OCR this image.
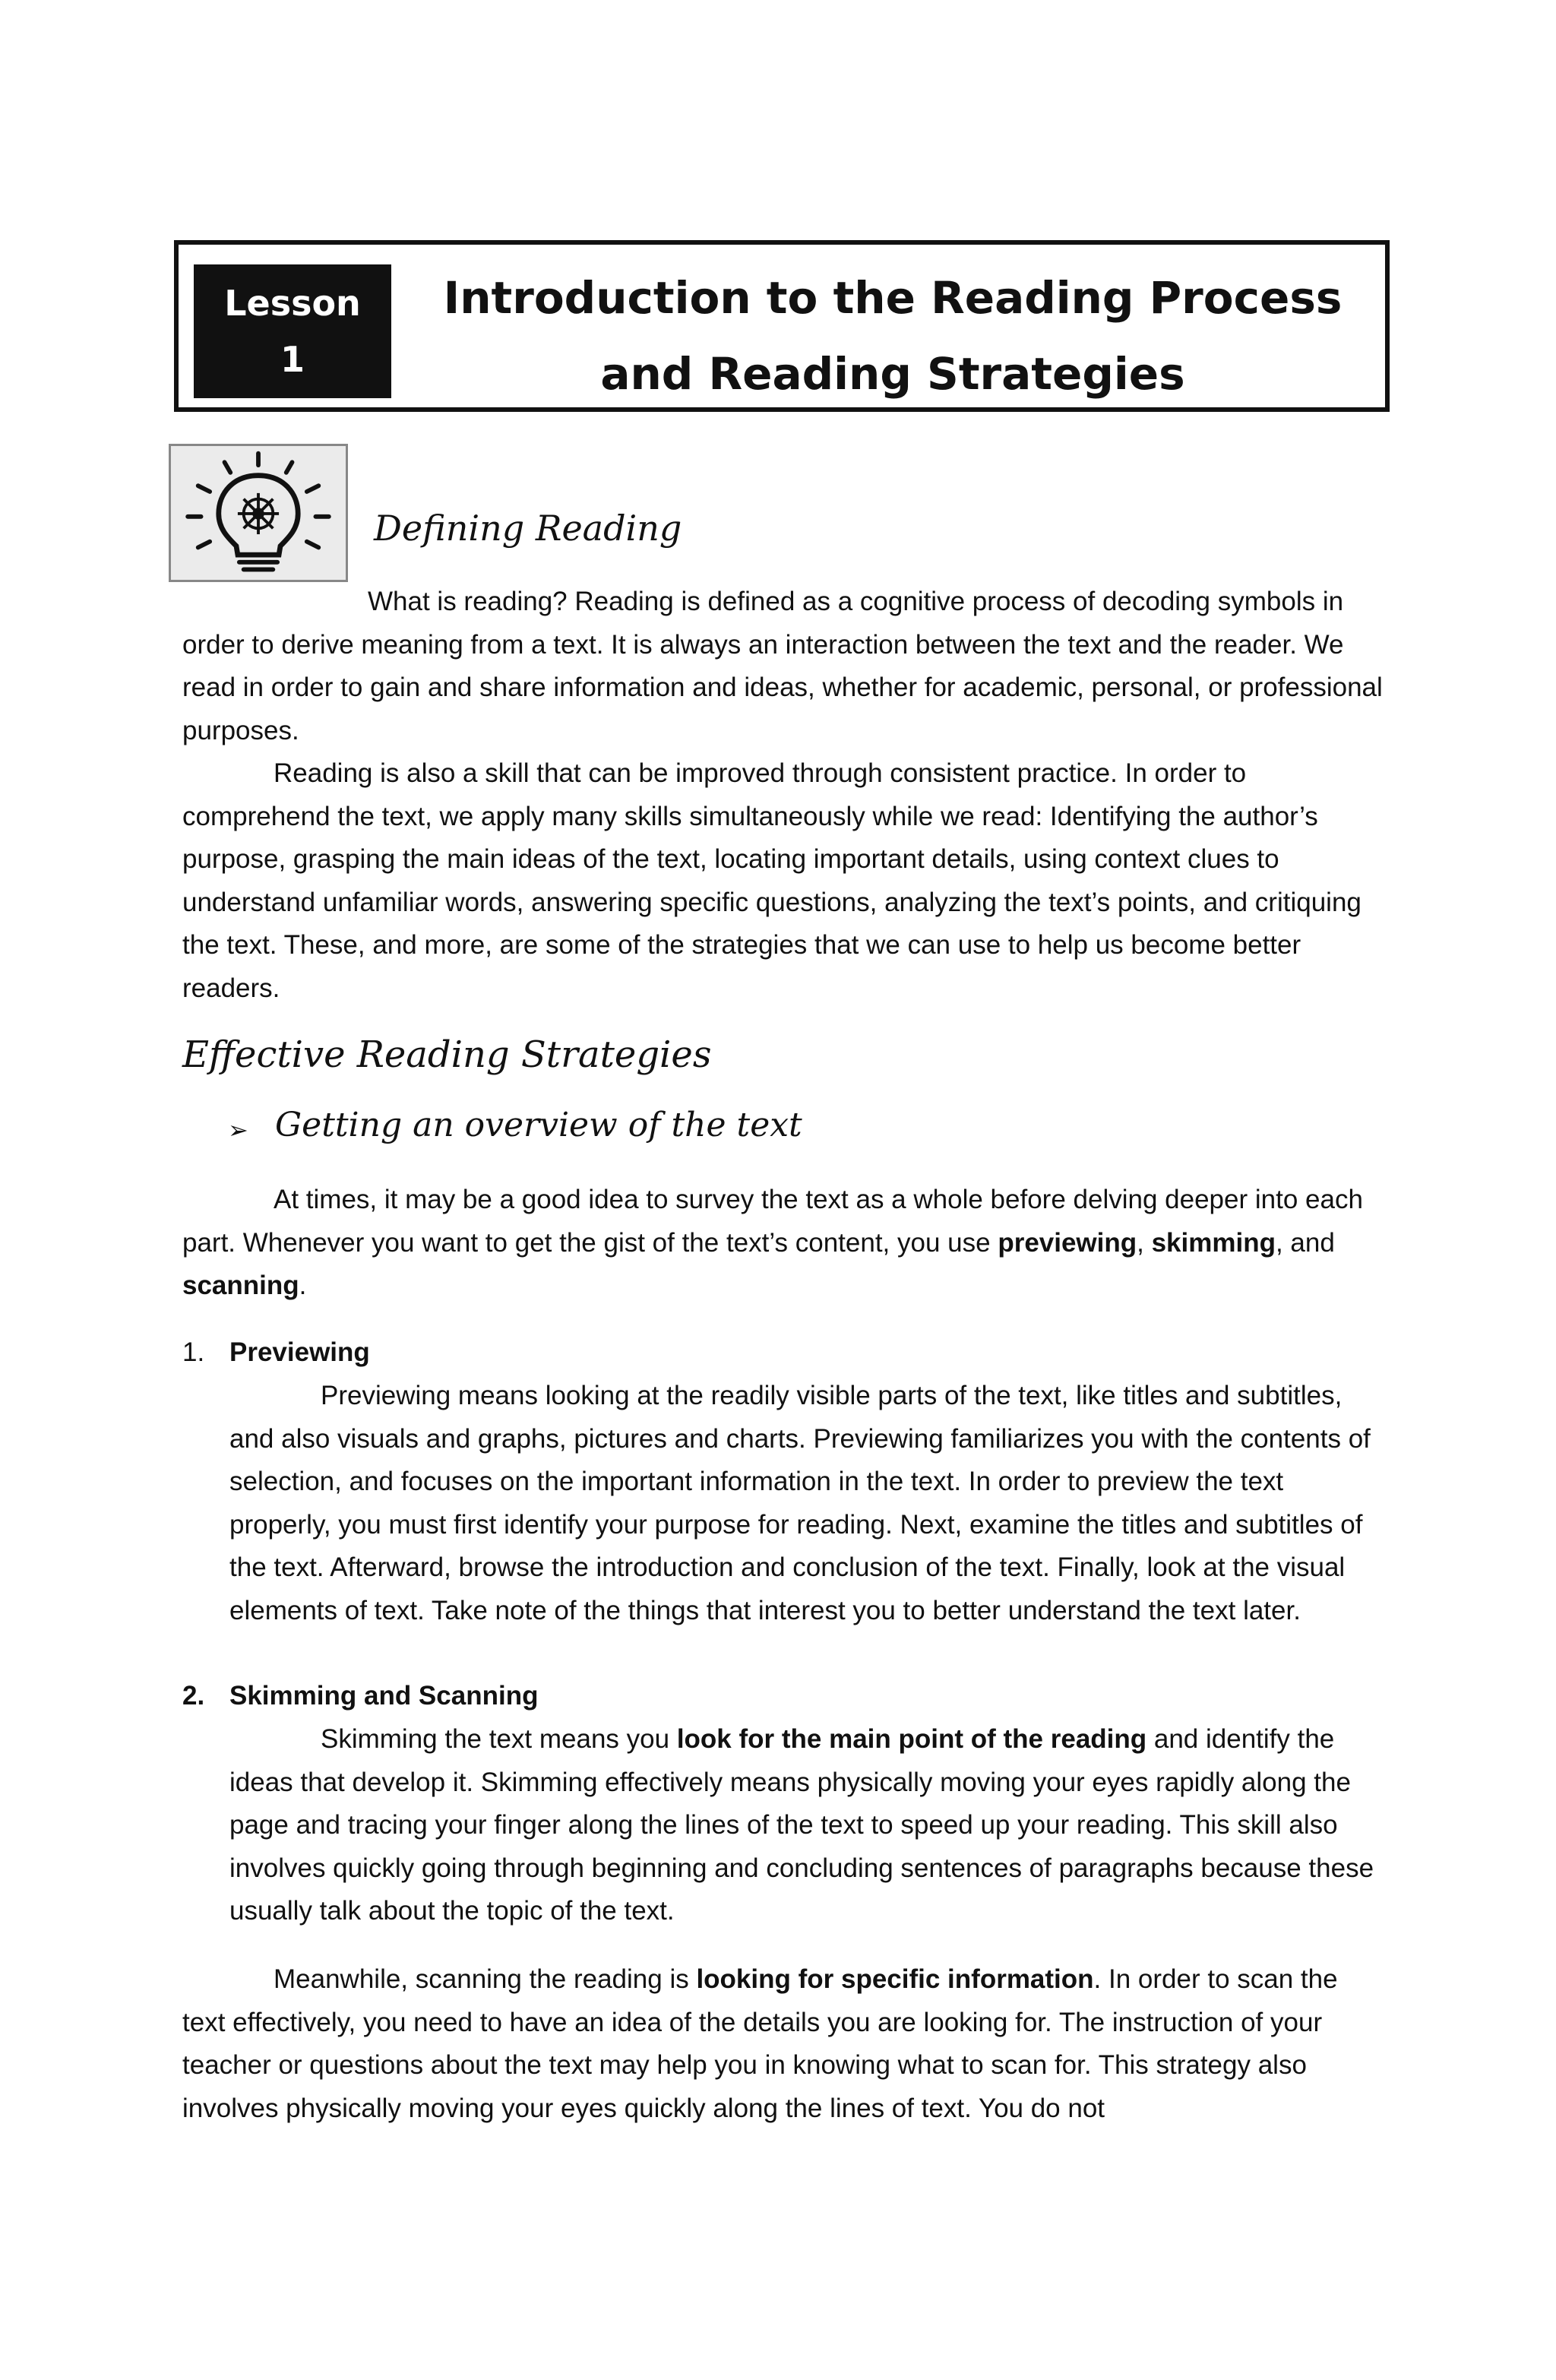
Lesson
1
Introduction to the Reading Process
and Reading Strategies
Defining Reading

What is reading? Reading is defined as a cognitive process of decoding symbols in order to derive meaning from a text. It is always an interaction between the text and the reader. We read in order to gain and share information and ideas, whether for academic, personal, or professional purposes.

Reading is also a skill that can be improved through consistent practice. In order to comprehend the text, we apply many skills simultaneously while we read: Identifying the author’s purpose, grasping the main ideas of the text, locating important details, using context clues to understand unfamiliar words, answering specific questions, analyzing the text’s points, and critiquing the text. These, and more, are some of the strategies that we can use to help us become better readers.

Effective Reading Strategies
➢ Getting an overview of the text

At times, it may be a good idea to survey the text as a whole before delving deeper into each part. Whenever you want to get the gist of the text’s content, you use previewing, skimming, and scanning.

1. Previewing

Previewing means looking at the readily visible parts of the text, like titles and subtitles, and also visuals and graphs, pictures and charts. Previewing familiarizes you with the contents of selection, and focuses on the important information in the text. In order to preview the text properly, you must first identify your purpose for reading. Next, examine the titles and subtitles of the text. Afterward, browse the introduction and conclusion of the text. Finally, look at the visual elements of text. Take note of the things that interest you to better understand the text later.

2. Skimming and Scanning

Skimming the text means you look for the main point of the reading and identify the ideas that develop it. Skimming effectively means physically moving your eyes rapidly along the page and tracing your finger along the lines of the text to speed up your reading. This skill also involves quickly going through beginning and concluding sentences of paragraphs because these usually talk about the topic of the text.

Meanwhile, scanning the reading is looking for specific information. In order to scan the text effectively, you need to have an idea of the details you are looking for. The instruction of your teacher or questions about the text may help you in knowing what to scan for. This strategy also involves physically moving your eyes quickly along the lines of text. You do not
